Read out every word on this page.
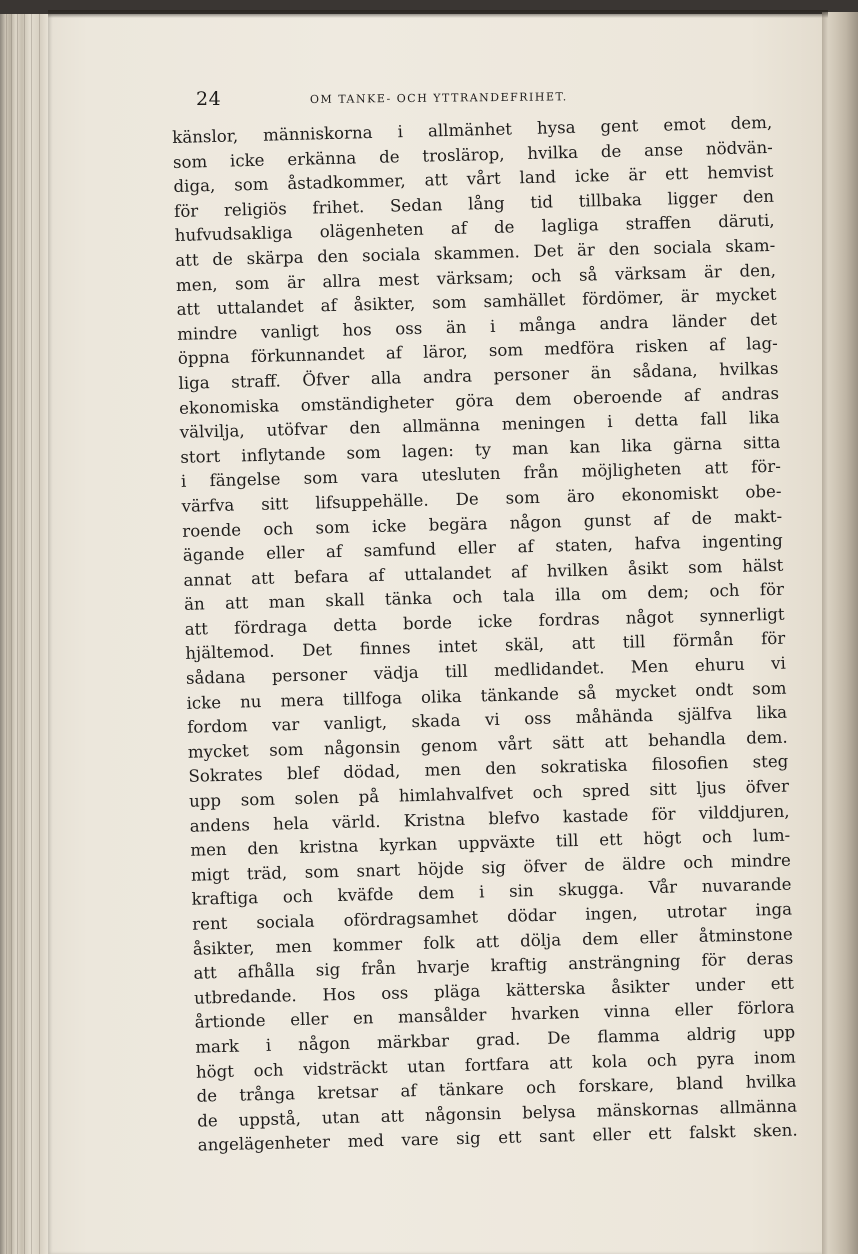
24	OM TANKE- OCH YTTRANDEFRIHET.
känslor, människorna i allmänhet hysa gent emot dem,
som icke erkänna de troslärор, hvilka de anse nödvän-
diga, som åstadkommer, att vårt land icke är ett hemvist
för religiös frihet. Sedan lång tid tillbaka ligger den
hufvudsakliga olägenheten af de lagliga straffen däruti,
att de skärpa den sociala skammen. Det är den sociala skam-
men, som är allra mest värksam; och så värksam är den,
att uttalandet af åsikter, som samhället fördömer, är mycket
mindre vanligt hos oss än i många andra länder det
öppna förkunnandet af läror, som medföra risken af lag-
liga straff. Öfver alla andra personer än sådana, hvilkas
ekonomiska omständigheter göra dem oberoende af andras
välvilja, utöfvar den allmänna meningen i detta fall lika
stort inflytande som lagen: ty man kan lika gärna sitta
i fängelse som vara utesluten från möjligheten att för-
värfva sitt lifsuppehälle. De som äro ekonomiskt obe-
roende och som icke begära någon gunst af de makt-
ägande eller af samfund eller af staten, hafva ingenting
annat att befara af uttalandet af hvilken åsikt som hälst
än att man skall tänka och tala illa om dem; och för
att fördraga detta borde icke fordras något synnerligt
hjältemod. Det finnes intet skäl, att till förmån för
sådana personer vädja till medlidandet. Men ehuru vi
icke nu mera tillfoga olika tänkande så mycket ondt som
fordom var vanligt, skada vi oss måhända själfva lika
mycket som någonsin genom vårt sätt att behandla dem.
Sokrates blef dödad, men den sokratiska filosofien steg
upp som solen på himlahvalfvet och spred sitt ljus öfver
andens hela värld. Kristna blefvo kastade för vilddjuren,
men den kristna kyrkan uppväxte till ett högt och lum-
migt träd, som snart höjde sig öfver de äldre och mindre
kraftiga och kväfde dem i sin skugga. Vår nuvarande
rent sociala ofördragsamhet dödar ingen, utrotar inga
åsikter, men kommer folk att dölja dem eller åtminstone
att afhålla sig från hvarje kraftig ansträngning för deras
utbredande. Hos oss pläga kätterska åsikter under ett
årtionde eller en mansålder hvarken vinna eller förlora
mark i någon märkbar grad. De flamma aldrig upp
högt och vidsträckt utan fortfara att kola och pyra inom
de trånga kretsar af tänkare och forskare, bland hvilka
de uppstå, utan att någonsin belysa mänskornas allmänna
angelägenheter med vare sig ett sant eller ett falskt sken.
